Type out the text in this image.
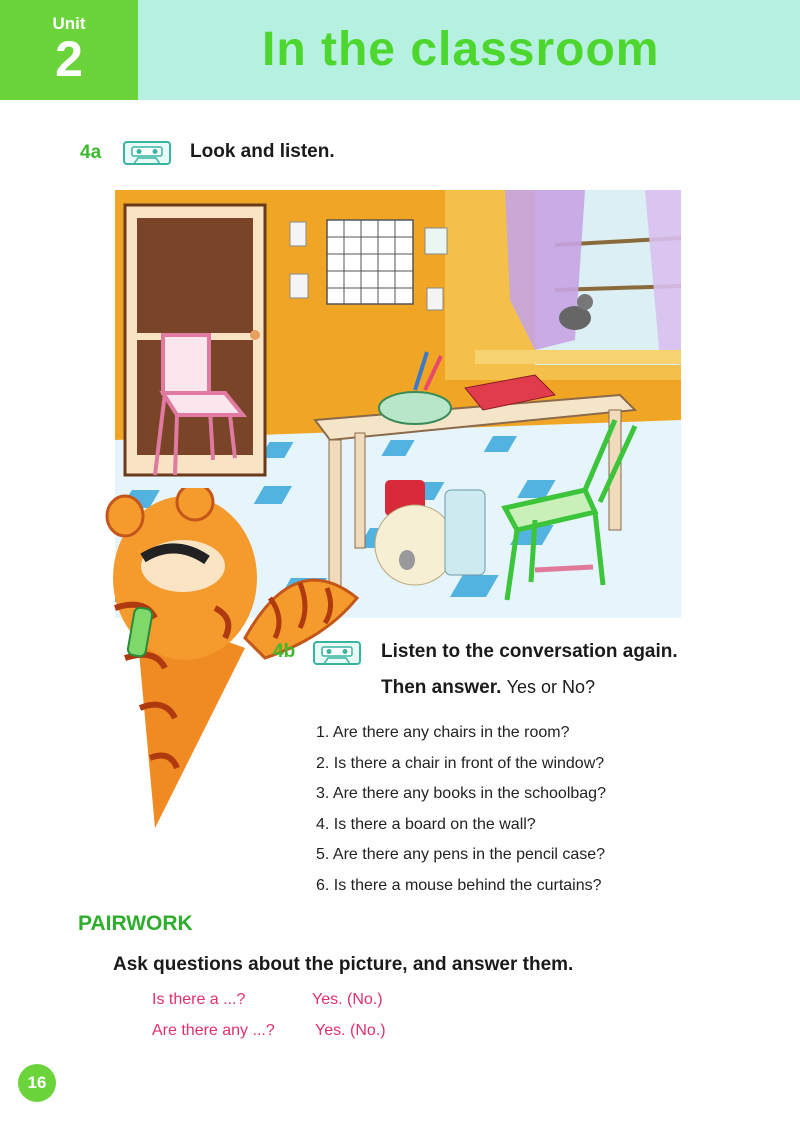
Unit
2	In the classroom
4a	Look and listen.
4b	Listen to the conversation again.
Then answer. Yes or No?
1. Are there any chairs in the room?
2. Is there a chair in front of the window?
3. Are there any books in the schoolbag?
4. Is there a board on the wall?
5. Are there any pens in the pencil case?
6. Is there a mouse behind the curtains?
PAIRWORK
Ask questions about the picture, and answer them.
Is there a ...?	Yes. (No.)
Are there any ...?	Yes. (No.)
16
